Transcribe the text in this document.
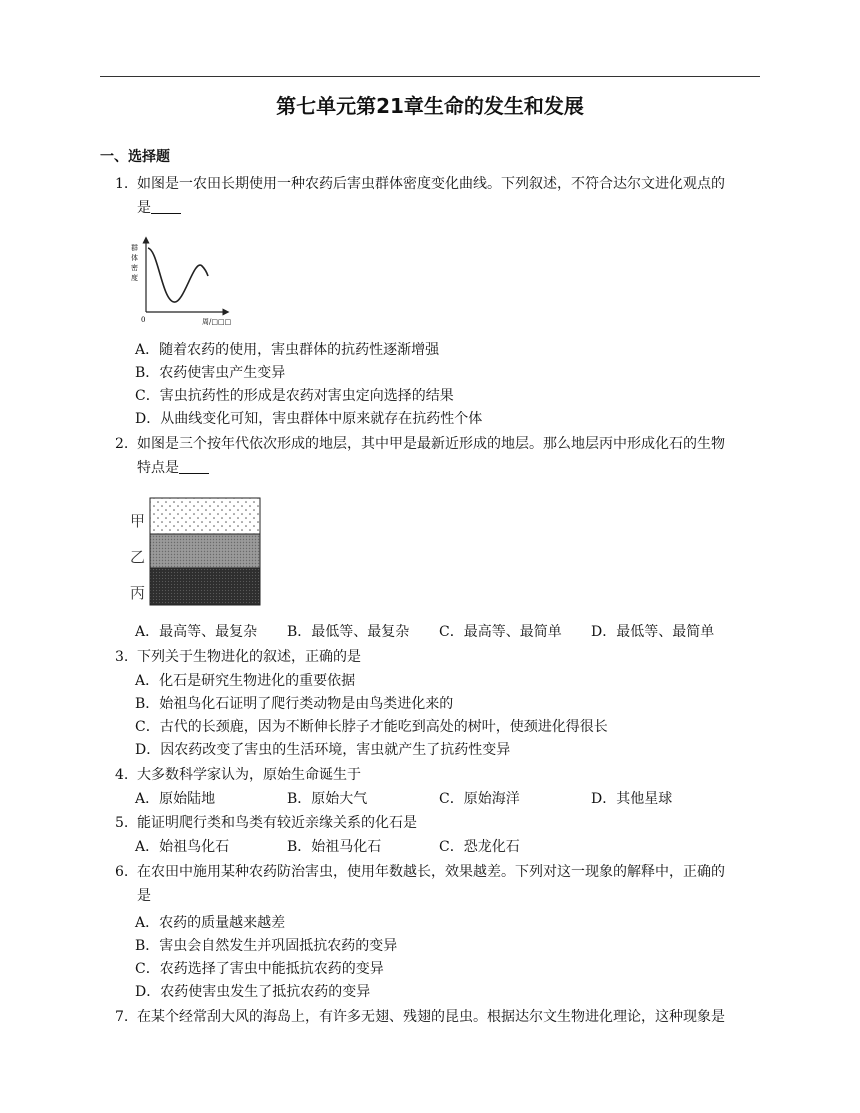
第七单元第21章生命的发生和发展
一、选择题
1. 如图是一农田长期使用一种农药后害虫群体密度变化曲线。下列叙述，不符合达尔文进化观点的
是
群
体
密
度
0	周/□□□
A．随着农药的使用，害虫群体的抗药性逐渐增强
B．农药使害虫产生变异
C．害虫抗药性的形成是农药对害虫定向选择的结果
D．从曲线变化可知，害虫群体中原来就存在抗药性个体
2. 如图是三个按年代依次形成的地层，其中甲是最新近形成的地层。那么地层丙中形成化石的生物
特点是
甲
乙
丙
A．最高等、最复杂 B．最低等、最复杂 C．最高等、最简单 D．最低等、最简单
3. 下列关于生物进化的叙述，正确的是
A．化石是研究生物进化的重要依据
B．始祖鸟化石证明了爬行类动物是由鸟类进化来的
C．古代的长颈鹿，因为不断伸长脖子才能吃到高处的树叶，使颈进化得很长
D．因农药改变了害虫的生活环境，害虫就产生了抗药性变异
4. 大多数科学家认为，原始生命诞生于
A．原始陆地	B．原始大气	C．原始海洋	D．其他星球
5. 能证明爬行类和鸟类有较近亲缘关系的化石是
A．始祖鸟化石	B．始祖马化石	C．恐龙化石
6. 在农田中施用某种农药防治害虫，使用年数越长，效果越差。下列对这一现象的解释中，正确的
是
A．农药的质量越来越差
B．害虫会自然发生并巩固抵抗农药的变异
C．农药选择了害虫中能抵抗农药的变异
D．农药使害虫发生了抵抗农药的变异
7. 在某个经常刮大风的海岛上，有许多无翅、残翅的昆虫。根据达尔文生物进化理论，这种现象是
